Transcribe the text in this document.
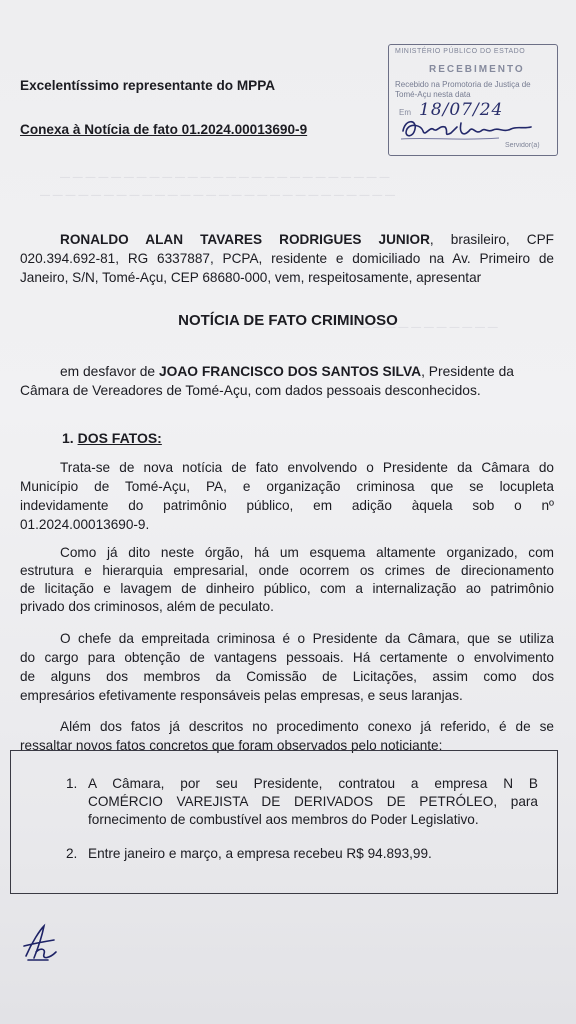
— — — — — — — — — — — — — — — — — — — — — — — — — —
— — — — — — — — — — — — — — — — — — — — — — — — — — — —
— — — — — — — — — — —
Excelentíssimo representante do MPPA
Conexa à Notícia de fato 01.2024.00013690-9
MINISTÉRIO PÚBLICO DO ESTADO
RECEBIMENTO
Recebido na Promotoria de Justiça de
Tomé-Açu nesta data
Em 18/07/24
Servidor(a)
RONALDO ALAN TAVARES RODRIGUES JUNIOR, brasileiro, CPF
020.394.692-81, RG 6337887, PCPA, residente e domiciliado na Av. Primeiro de
Janeiro, S/N, Tomé-Açu, CEP 68680-000, vem, respeitosamente, apresentar
NOTÍCIA DE FATO CRIMINOSO
em desfavor de JOAO FRANCISCO DOS SANTOS SILVA, Presidente da
Câmara de Vereadores de Tomé-Açu, com dados pessoais desconhecidos.
1. DOS FATOS:
Trata-se de nova notícia de fato envolvendo o Presidente da Câmara do
Município de Tomé-Açu, PA, e organização criminosa que se locupleta
indevidamente do patrimônio público, em adição àquela sob o nº
01.2024.00013690-9.
Como já dito neste órgão, há um esquema altamente organizado, com
estrutura e hierarquia empresarial, onde ocorrem os crimes de direcionamento
de licitação e lavagem de dinheiro público, com a internalização ao patrimônio
privado dos criminosos, além de peculato.
O chefe da empreitada criminosa é o Presidente da Câmara, que se utiliza
do cargo para obtenção de vantagens pessoais. Há certamente o envolvimento
de alguns dos membros da Comissão de Licitações, assim como dos
empresários efetivamente responsáveis pelas empresas, e seus laranjas.
Além dos fatos já descritos no procedimento conexo já referido, é de se
ressaltar novos fatos concretos que foram observados pelo noticiante:
1. A Câmara, por seu Presidente, contratou a empresa N B
COMÉRCIO VAREJISTA DE DERIVADOS DE PETRÓLEO, para
fornecimento de combustível aos membros do Poder Legislativo.
2. Entre janeiro e março, a empresa recebeu R$ 94.893,99.
